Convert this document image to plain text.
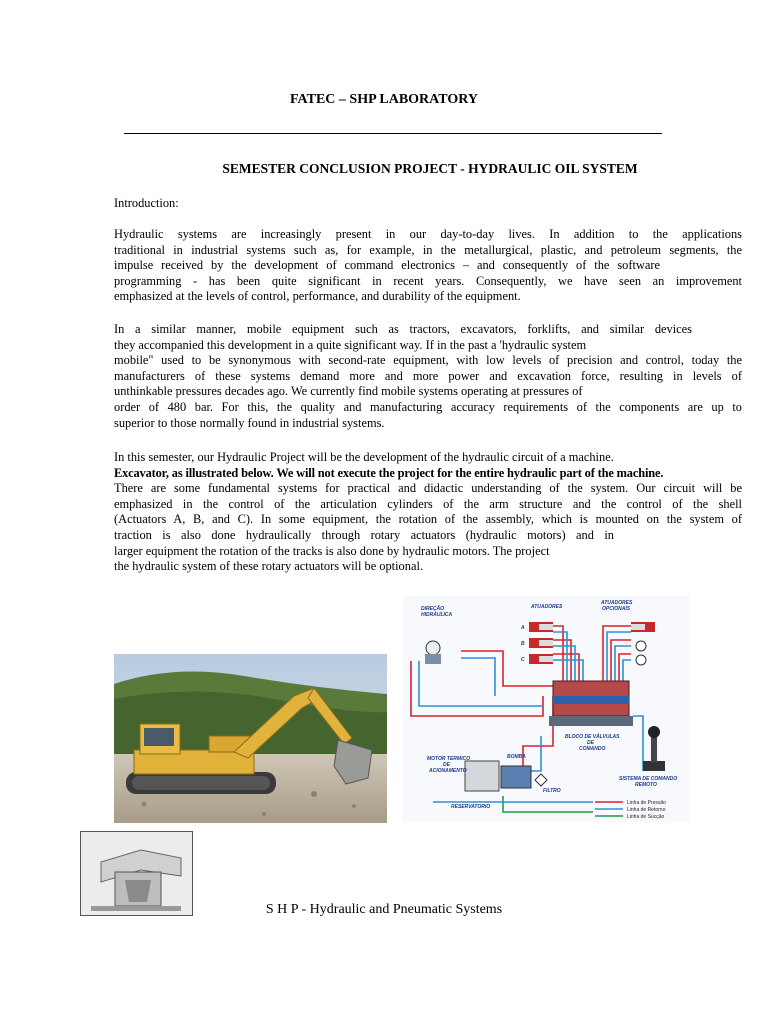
FATEC – SHP LABORATORY
SEMESTER CONCLUSION PROJECT - HYDRAULIC OIL SYSTEM
Introduction:

Hydraulic systems are increasingly present in our day-to-day lives. In addition to the applications

traditional in industrial systems such as, for example, in the metallurgical, plastic, and petroleum segments, the

impulse received by the development of command electronics – and consequently of the software

programming - has been quite significant in recent years. Consequently, we have seen an improvement

emphasized at the levels of control, performance, and durability of the equipment.

In a similar manner, mobile equipment such as tractors, excavators, forklifts, and similar devices

they accompanied this development in a quite significant way. If in the past a 'hydraulic system

mobile" used to be synonymous with second-rate equipment, with low levels of precision and control, today the

manufacturers of these systems demand more and more power and excavation force, resulting in levels of

unthinkable pressures decades ago. We currently find mobile systems operating at pressures of

order of 480 bar. For this, the quality and manufacturing accuracy requirements of the components are up to

superior to those normally found in industrial systems.

In this semester, our Hydraulic Project will be the development of the hydraulic circuit of a machine.

Excavator, as illustrated below. We will not execute the project for the entire hydraulic part of the machine.

There are some fundamental systems for practical and didactic understanding of the system. Our circuit will be

emphasized in the control of the articulation cylinders of the arm structure and the control of the shell

(Actuators A, B, and C). In some equipment, the rotation of the assembly, which is mounted on the system of

traction is also done hydraulically through rotary actuators (hydraulic motors) and in

larger equipment the rotation of the tracks is also done by hydraulic motors. The project

the hydraulic system of these rotary actuators will be optional.

DIREÇÃO
HIDRÁULICA
ATUADORES
ATUADORES
OPCIONAIS
A
B
C
BOMBA
MOTOR TERMICO
DE
ACIONAMENTO
BLOCO DE VÁLVULAS
DE
COMANDO
SISTEMA DE COMANDO
REMOTO
FILTRO
RESERVATORIO
Linha de Pressão
Linha de Retorno
Linha de Sucção
S H P - Hydraulic and Pneumatic Systems
